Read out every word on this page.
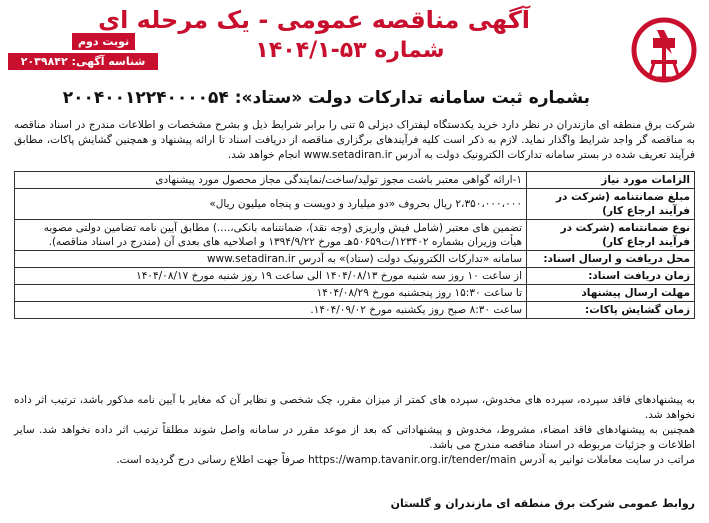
نوبت دوم
شناسه آگهی: ۲۰۳۹۸۴۲
آگهی مناقصه عمومی - یک مرحله ای
شماره ۵۳-۱۴۰۴/۱
بشماره ثبت سامانه تدارکات دولت «ستاد»: ۲۰۰۴۰۰۱۲۲۴۰۰۰۰۵۴

شرکت برق منطقه ای مازندران در نظر دارد خرید یکدستگاه لیفتراک دیزلی ۵ تنی را برابر شرایط ذیل و بشرح مشخصات و اطلاعات مندرج در اسناد مناقصه به مناقصه گر واجد شرایط واگذار نماید. لازم به ذکر است کلیه فرآیندهای برگزاری مناقصه از دریافت اسناد تا ارائه پیشنهاد و همچنین گشایش پاکات، مطابق فرآیند تعریف شده در بستر سامانه تدارکات الکترونیک دولت به آدرس www.setadiran.ir انجام خواهد شد.

الزامات مورد نیاز	۱-ارائه گواهی معتبر باشت مجوز تولید/ساخت/نمایندگی مجاز محصول مورد پیشنهادی
مبلغ ضمانتنامه (شرکت در فرآیند ارجاع کار)	۲،۳۵۰،۰۰۰،۰۰۰ ریال بحروف «دو میلیارد و دویست و پنجاه میلیون ریال»
نوع ضمانتنامه (شرکت در فرآیند ارجاع کار)	تضمین های معتبر (شامل فیش واریزی (وجه نقد)، ضمانتنامه بانکی،....) مطابق آیین نامه تضامین دولتی مصوبه هیأت وزیران بشماره ۱۲۳۴۰۲/ت۵۰۶۵۹هـ مورخ ۱۳۹۴/۹/۲۲ و اصلاحیه های بعدی آن (مندرج در اسناد مناقصه).
محل دریافت و ارسال اسناد:	سامانه «تدارکات الکترونیک دولت (ستاد)» به آدرس www.setadiran.ir
زمان دریافت اسناد:	از ساعت ۱۰ روز سه شنبه مورخ ۱۴۰۴/۰۸/۱۳ الی ساعت ۱۹ روز شنبه مورخ ۱۴۰۴/۰۸/۱۷
مهلت ارسال پیشنهاد	تا ساعت ۱۵:۳۰ روز پنجشنبه مورخ ۱۴۰۴/۰۸/۲۹
زمان گشایش پاکات:	ساعت ۸:۳۰ صبح روز یکشنبه مورخ ۱۴۰۴/۰۹/۰۲.

به پیشنهادهای فاقد سپرده، سپرده های مخدوش، سپرده های کمتر از میزان مقرر، چک شخصی و نظایر آن که مغایر با آیین نامه مذکور باشد، ترتیب اثر داده نخواهد شد.

همچنین به پیشنهادهای فاقد امضاء، مشروط، مخدوش و پیشنهاداتی که بعد از موعد مقرر در سامانه واصل شوند مطلقاً ترتیب اثر داده نخواهد شد. سایر اطلاعات و جزئیات مربوطه در اسناد مناقصه مندرج می باشد.

مراتب در سایت معاملات توانیر به آدرس https://wamp.tavanir.org.ir/tender/main صرفاً جهت اطلاع رسانی درج گردیده است.

روابط عمومی شرکت برق منطقه ای مازندران و گلستان
